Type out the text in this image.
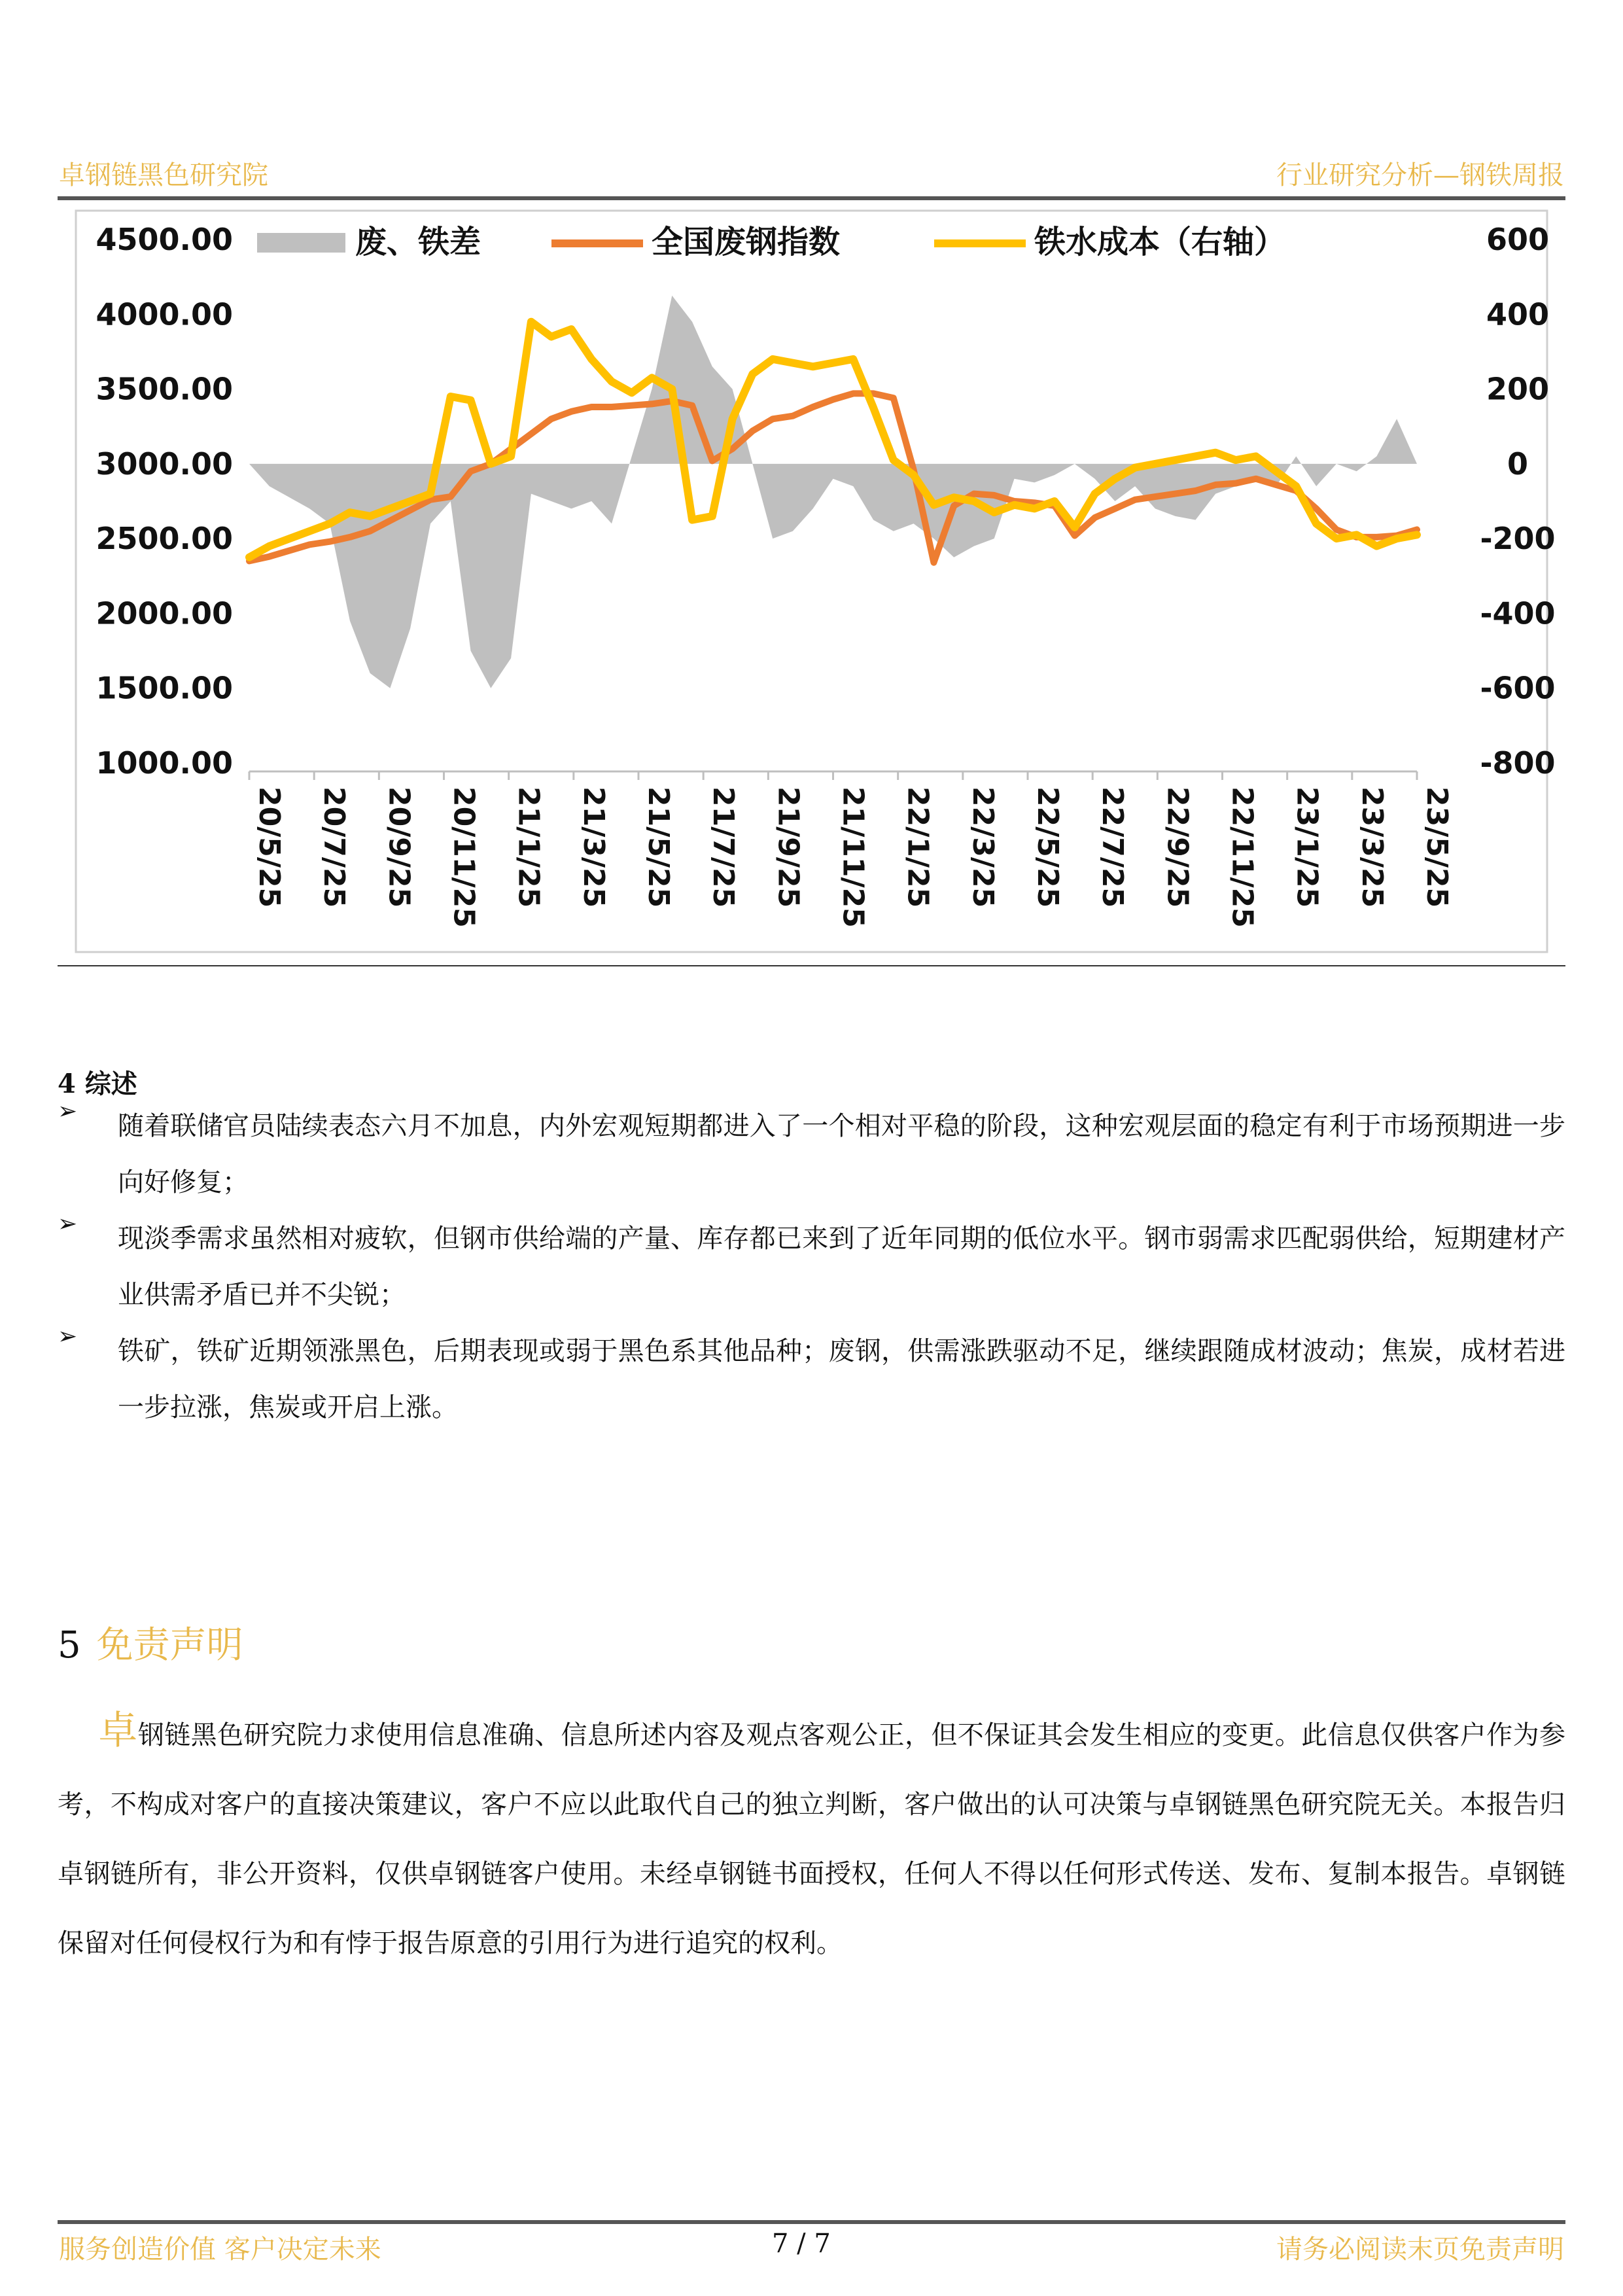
卓钢链黑色研究院	行业研究分析—钢铁周报
4500.00
4000.00
3500.00
3000.00
2500.00
2000.00
1500.00
1000.00
600
400
200
0
-200
-400
-600
-800
20/5/25 20/7/25 20/9/25 20/11/25 21/1/25 21/3/25 21/5/25 21/7/25 21/9/25 21/11/25 22/1/25 22/3/25 22/5/25 22/7/25 22/9/25 22/11/25 23/1/25 23/3/25 23/5/25
废、铁差	全国废钢指数	铁水成本（右轴）
4 综述
➢ 随着联储官员陆续表态六月不加息，内外宏观短期都进入了一个相对平稳的阶段，这种宏观层面的稳定有利于市场预期进一步向好修复；
➢ 现淡季需求虽然相对疲软，但钢市供给端的产量、库存都已来到了近年同期的低位水平。钢市弱需求匹配弱供给，短期建材产业供需矛盾已并不尖锐；
➢ 铁矿，铁矿近期领涨黑色，后期表现或弱于黑色系其他品种；废钢，供需涨跌驱动不足，继续跟随成材波动；焦炭，成材若进一步拉涨，焦炭或开启上涨。
5 免责声明
卓钢链黑色研究院力求使用信息准确、信息所述内容及观点客观公正，但不保证其会发生相应的变更。此信息仅供客户作为参考，不构成对客户的直接决策建议，客户不应以此取代自己的独立判断，客户做出的认可决策与卓钢链黑色研究院无关。本报告归卓钢链所有，非公开资料，仅供卓钢链客户使用。未经卓钢链书面授权，任何人不得以任何形式传送、发布、复制本报告。卓钢链保留对任何侵权行为和有悖于报告原意的引用行为进行追究的权利。
服务创造价值 客户决定未来	7 / 7	请务必阅读末页免责声明
